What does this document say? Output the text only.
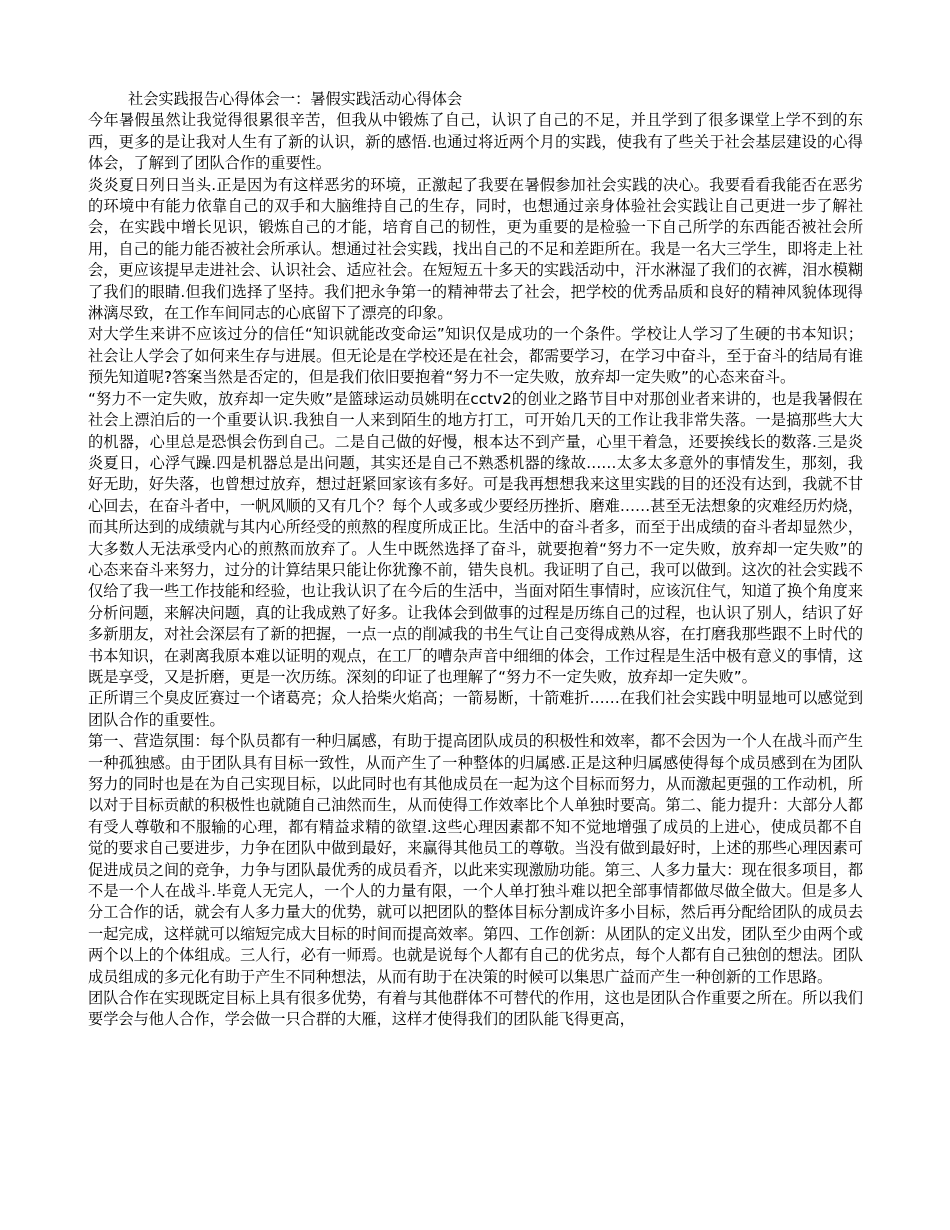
社会实践报告心得体会一：暑假实践活动心得体会

今年暑假虽然让我觉得很累很辛苦，但我从中锻炼了自己，认识了自己的不足，并且学到了很多课堂上学不到的东西，更多的是让我对人生有了新的认识，新的感悟.也通过将近两个月的实践，使我有了些关于社会基层建设的心得体会，了解到了团队合作的重要性。

炎炎夏日列日当头.正是因为有这样恶劣的环境，正激起了我要在暑假参加社会实践的决心。我要看看我能否在恶劣的环境中有能力依靠自己的双手和大脑维持自己的生存，同时，也想通过亲身体验社会实践让自己更进一步了解社会，在实践中增长见识，锻炼自己的才能，培育自己的韧性，更为重要的是检验一下自己所学的东西能否被社会所用，自己的能力能否被社会所承认。想通过社会实践，找出自己的不足和差距所在。我是一名大三学生，即将走上社会，更应该提早走进社会、认识社会、适应社会。在短短五十多天的实践活动中，汗水淋湿了我们的衣裤，泪水模糊了我们的眼睛.但我们选择了坚持。我们把永争第一的精神带去了社会，把学校的优秀品质和良好的精神风貌体现得淋漓尽致，在工作车间同志的心底留下了漂亮的印象。

对大学生来讲不应该过分的信任“知识就能改变命运”知识仅是成功的一个条件。学校让人学习了生硬的书本知识；社会让人学会了如何来生存与进展。但无论是在学校还是在社会，都需要学习，在学习中奋斗，至于奋斗的结局有谁预先知道呢?答案当然是否定的，但是我们依旧要抱着“努力不一定失败，放弃却一定失败”的心态来奋斗。

“努力不一定失败，放弃却一定失败”是篮球运动员姚明在cctv2的创业之路节目中对那创业者来讲的，也是我暑假在社会上漂泊后的一个重要认识.我独自一人来到陌生的地方打工，可开始几天的工作让我非常失落。一是搞那些大大的机器，心里总是恐惧会伤到自己。二是自己做的好慢，根本达不到产量，心里干着急，还要挨线长的数落.三是炎炎夏日，心浮气躁.四是机器总是出问题，其实还是自己不熟悉机器的缘故……太多太多意外的事情发生，那刻，我好无助，好失落，也曾想过放弃，想过赶紧回家该有多好。可是我再想想我来这里实践的目的还没有达到，我就不甘心回去，在奋斗者中，一帆风顺的又有几个？每个人或多或少要经历挫折、磨难……甚至无法想象的灾难经历灼烧，而其所达到的成绩就与其内心所经受的煎熬的程度所成正比。生活中的奋斗者多，而至于出成绩的奋斗者却显然少，大多数人无法承受内心的煎熬而放弃了。人生中既然选择了奋斗，就要抱着“努力不一定失败，放弃却一定失败”的心态来奋斗来努力，过分的计算结果只能让你犹豫不前，错失良机。我证明了自己，我可以做到。这次的社会实践不仅给了我一些工作技能和经验，也让我认识了在今后的生活中，当面对陌生事情时，应该沉住气，知道了换个角度来分析问题，来解决问题，真的让我成熟了好多。让我体会到做事的过程是历练自己的过程，也认识了别人，结识了好多新朋友，对社会深层有了新的把握，一点一点的削减我的书生气让自己变得成熟从容，在打磨我那些跟不上时代的书本知识，在剥离我原本难以证明的观点，在工厂的嘈杂声音中细细的体会，工作过程是生活中极有意义的事情，这既是享受，又是折磨，更是一次历练。深刻的印证了也理解了“努力不一定失败，放弃却一定失败”。

正所谓三个臭皮匠赛过一个诸葛亮；众人拾柴火焰高；一箭易断，十箭难折……在我们社会实践中明显地可以感觉到团队合作的重要性。

第一、营造氛围：每个队员都有一种归属感，有助于提高团队成员的积极性和效率，都不会因为一个人在战斗而产生一种孤独感。由于团队具有目标一致性，从而产生了一种整体的归属感.正是这种归属感使得每个成员感到在为团队努力的同时也是在为自己实现目标，以此同时也有其他成员在一起为这个目标而努力，从而激起更强的工作动机，所以对于目标贡献的积极性也就随自己油然而生，从而使得工作效率比个人单独时要高。第二、能力提升：大部分人都有受人尊敬和不服输的心理，都有精益求精的欲望.这些心理因素都不知不觉地增强了成员的上进心，使成员都不自觉的要求自己要进步，力争在团队中做到最好，来赢得其他员工的尊敬。当没有做到最好时，上述的那些心理因素可促进成员之间的竞争，力争与团队最优秀的成员看齐，以此来实现激励功能。第三、人多力量大：现在很多项目，都不是一个人在战斗.毕竟人无完人，一个人的力量有限，一个人单打独斗难以把全部事情都做尽做全做大。但是多人分工合作的话，就会有人多力量大的优势，就可以把团队的整体目标分割成许多小目标，然后再分配给团队的成员去一起完成，这样就可以缩短完成大目标的时间而提高效率。第四、工作创新：从团队的定义出发，团队至少由两个或两个以上的个体组成。三人行，必有一师焉。也就是说每个人都有自己的优劣点，每个人都有自己独创的想法。团队成员组成的多元化有助于产生不同种想法，从而有助于在决策的时候可以集思广益而产生一种创新的工作思路。

团队合作在实现既定目标上具有很多优势，有着与其他群体不可替代的作用，这也是团队合作重要之所在。所以我们要学会与他人合作，学会做一只合群的大雁，这样才使得我们的团队能飞得更高，
